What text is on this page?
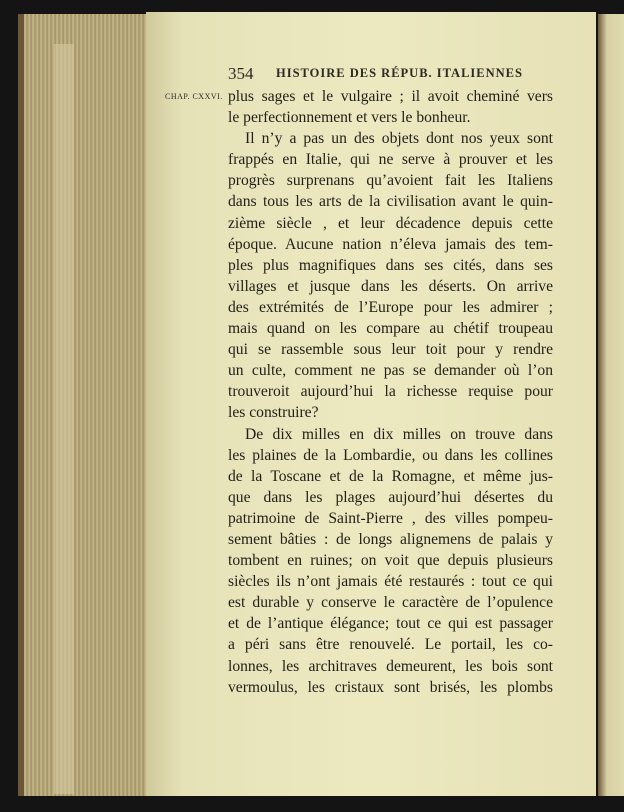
354 HISTOIRE DES RÉPUB. ITALIENNES
CHAP. CXXVI. plus sages et le vulgaire ; il avoit cheminé vers
le perfectionnement et vers le bonheur.
Il n’y a pas un des objets dont nos yeux sont
frappés en Italie, qui ne serve à prouver et les
progrès surprenans qu’avoient fait les Italiens
dans tous les arts de la civilisation avant le quin-
zième siècle , et leur décadence depuis cette
époque. Aucune nation n’éleva jamais des tem-
ples plus magnifiques dans ses cités, dans ses
villages et jusque dans les déserts. On arrive
des extrémités de l’Europe pour les admirer ;
mais quand on les compare au chétif troupeau
qui se rassemble sous leur toit pour y rendre
un culte, comment ne pas se demander où l’on
trouveroit aujourd’hui la richesse requise pour
les construire?
De dix milles en dix milles on trouve dans
les plaines de la Lombardie, ou dans les collines
de la Toscane et de la Romagne, et même jus-
que dans les plages aujourd’hui désertes du
patrimoine de Saint-Pierre , des villes pompeu-
sement bâties : de longs alignemens de palais y
tombent en ruines; on voit que depuis plusieurs
siècles ils n’ont jamais été restaurés : tout ce qui
est durable y conserve le caractère de l’opulence
et de l’antique élégance; tout ce qui est passager
a péri sans être renouvelé. Le portail, les co-
lonnes, les architraves demeurent, les bois sont
vermoulus, les cristaux sont brisés, les plombs
